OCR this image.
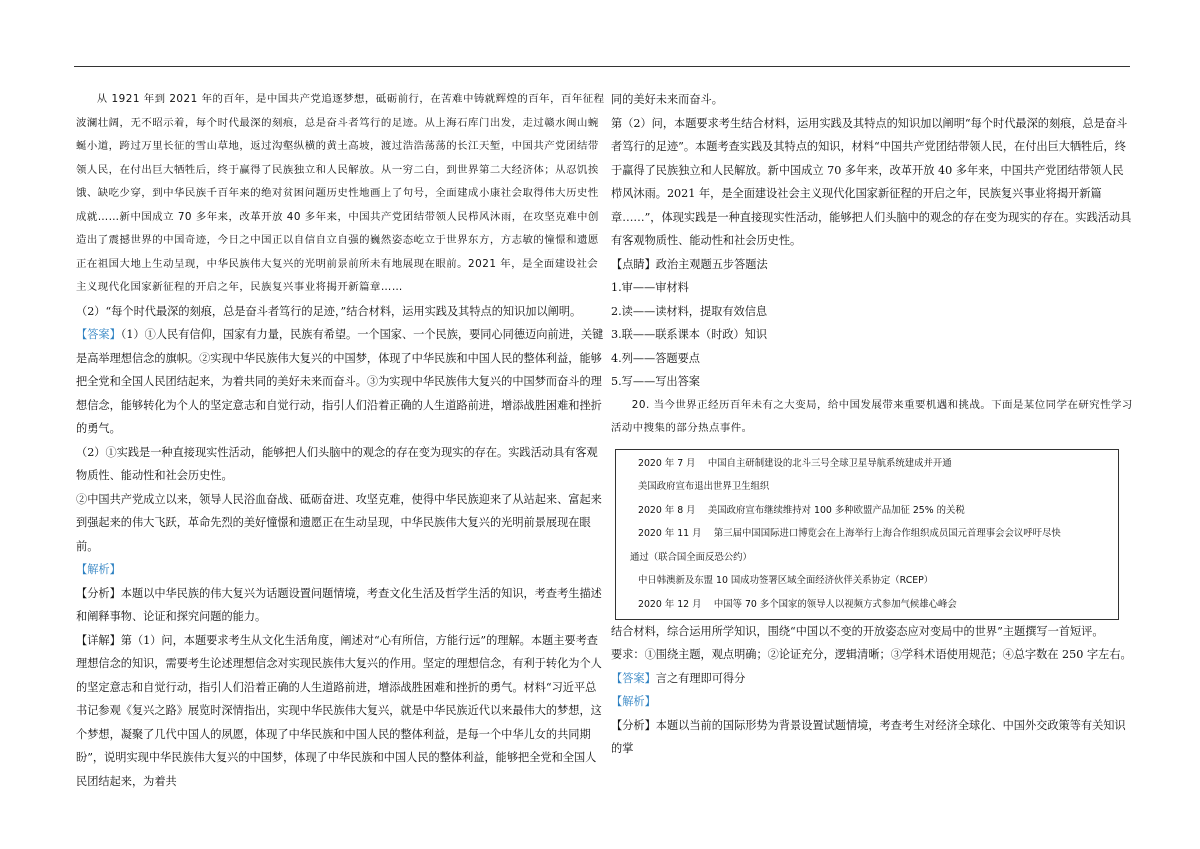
从 1921 年到 2021 年的百年，是中国共产党追逐梦想，砥砺前行，在苦难中铸就辉煌的百年，百年征程波澜壮阔，无不昭示着，每个时代最深的刻痕，总是奋斗者笃行的足迹。从上海石库门出发，走过赣水闽山蜿蜒小道，跨过万里长征的雪山草地，返过沟壑纵横的黄土高坡，渡过浩浩荡荡的长江天堑，中国共产党团结带领人民，在付出巨大牺牲后，终于赢得了民族独立和人民解放。从一穷二白，到世界第二大经济体；从忍饥挨饿、缺吃少穿，到中华民族千百年来的绝对贫困问题历史性地画上了句号，全面建成小康社会取得伟大历史性成就……新中国成立 70 多年来，改革开放 40 多年来，中国共产党团结带领人民栉风沐雨，在攻坚克难中创造出了震撼世界的中国奇迹，今日之中国正以自信自立自强的巍然姿态屹立于世界东方，方志敏的憧憬和遗愿正在祖国大地上生动呈现，中华民族伟大复兴的光明前景前所未有地展现在眼前。2021 年，是全面建设社会主义现代化国家新征程的开启之年，民族复兴事业将揭开新篇章……

（2）“每个时代最深的刻痕，总是奋斗者笃行的足迹，”结合材料，运用实践及其特点的知识加以阐明。

【答案】（1）①人民有信仰，国家有力量，民族有希望。一个国家、一个民族，要同心同德迈向前进，关键是高举理想信念的旗帜。②实现中华民族伟大复兴的中国梦，体现了中华民族和中国人民的整体利益，能够把全党和全国人民团结起来，为着共同的美好未来而奋斗。③为实现中华民族伟大复兴的中国梦而奋斗的理想信念，能够转化为个人的坚定意志和自觉行动，指引人们沿着正确的人生道路前进，增添战胜困难和挫折的勇气。

（2）①实践是一种直接现实性活动，能够把人们头脑中的观念的存在变为现实的存在。实践活动具有客观物质性、能动性和社会历史性。

②中国共产党成立以来，领导人民浴血奋战、砥砺奋进、攻坚克难，使得中华民族迎来了从站起来、富起来到强起来的伟大飞跃，革命先烈的美好憧憬和遗愿正在生动呈现，中华民族伟大复兴的光明前景展现在眼前。

【解析】

【分析】本题以中华民族的伟大复兴为话题设置问题情境，考查文化生活及哲学生活的知识，考查考生描述和阐释事物、论证和探究问题的能力。

【详解】第（1）问，本题要求考生从文化生活角度，阐述对“心有所信，方能行远”的理解。本题主要考查理想信念的知识，需要考生论述理想信念对实现民族伟大复兴的作用。坚定的理想信念，有利于转化为个人的坚定意志和自觉行动，指引人们沿着正确的人生道路前进，增添战胜困难和挫折的勇气。材料“习近平总书记参观《复兴之路》展览时深情指出，实现中华民族伟大复兴，就是中华民族近代以来最伟大的梦想，这个梦想，凝聚了几代中国人的夙愿，体现了中华民族和中国人民的整体利益，是每一个中华儿女的共同期盼”，说明实现中华民族伟大复兴的中国梦，体现了中华民族和中国人民的整体利益，能够把全党和全国人民团结起来，为着共

同的美好未来而奋斗。

第（2）问，本题要求考生结合材料，运用实践及其特点的知识加以阐明“每个时代最深的刻痕，总是奋斗者笃行的足迹”。本题考查实践及其特点的知识，材料“中国共产党团结带领人民，在付出巨大牺牲后，终于赢得了民族独立和人民解放。新中国成立 70 多年来，改革开放 40 多年来，中国共产党团结带领人民栉风沐雨。2021 年，是全面建设社会主义现代化国家新征程的开启之年，民族复兴事业将揭开新篇章……”，体现实践是一种直接现实性活动，能够把人们头脑中的观念的存在变为现实的存在。实践活动具有客观物质性、能动性和社会历史性。

【点睛】政治主观题五步答题法

1.审——审材料

2.读——读材料，提取有效信息

3.联——联系课本（时政）知识

4.列——答题要点

5.写——写出答案

20. 当今世界正经历百年未有之大变局，给中国发展带来重要机遇和挑战。下面是某位同学在研究性学习活动中搜集的部分热点事件。

2020 年 7 月　 中国自主研制建设的北斗三号全球卫星导航系统建成并开通

美国政府宣布退出世界卫生组织

2020 年 8 月　 美国政府宣布继续维持对 100 多种欧盟产品加征 25% 的关税

2020 年 11 月　 第三届中国国际进口博览会在上海举行上海合作组织成员国元首理事会会议呼吁尽快

通过（联合国全面反恐公约）

中日韩澳新及东盟 10 国成功签署区域全面经济伙伴关系协定（RCEP）

2020 年 12 月　 中国等 70 多个国家的领导人以视频方式参加气候雄心峰会

结合材料，综合运用所学知识，围绕“中国以不变的开放姿态应对变局中的世界”主题撰写一首短评。

要求：①围绕主题，观点明确；②论证充分，逻辑清晰；③学科术语使用规范；④总字数在 250 字左右。

【答案】言之有理即可得分

【解析】

【分析】本题以当前的国际形势为背景设置试题情境，考查考生对经济全球化、中国外交政策等有关知识的掌
